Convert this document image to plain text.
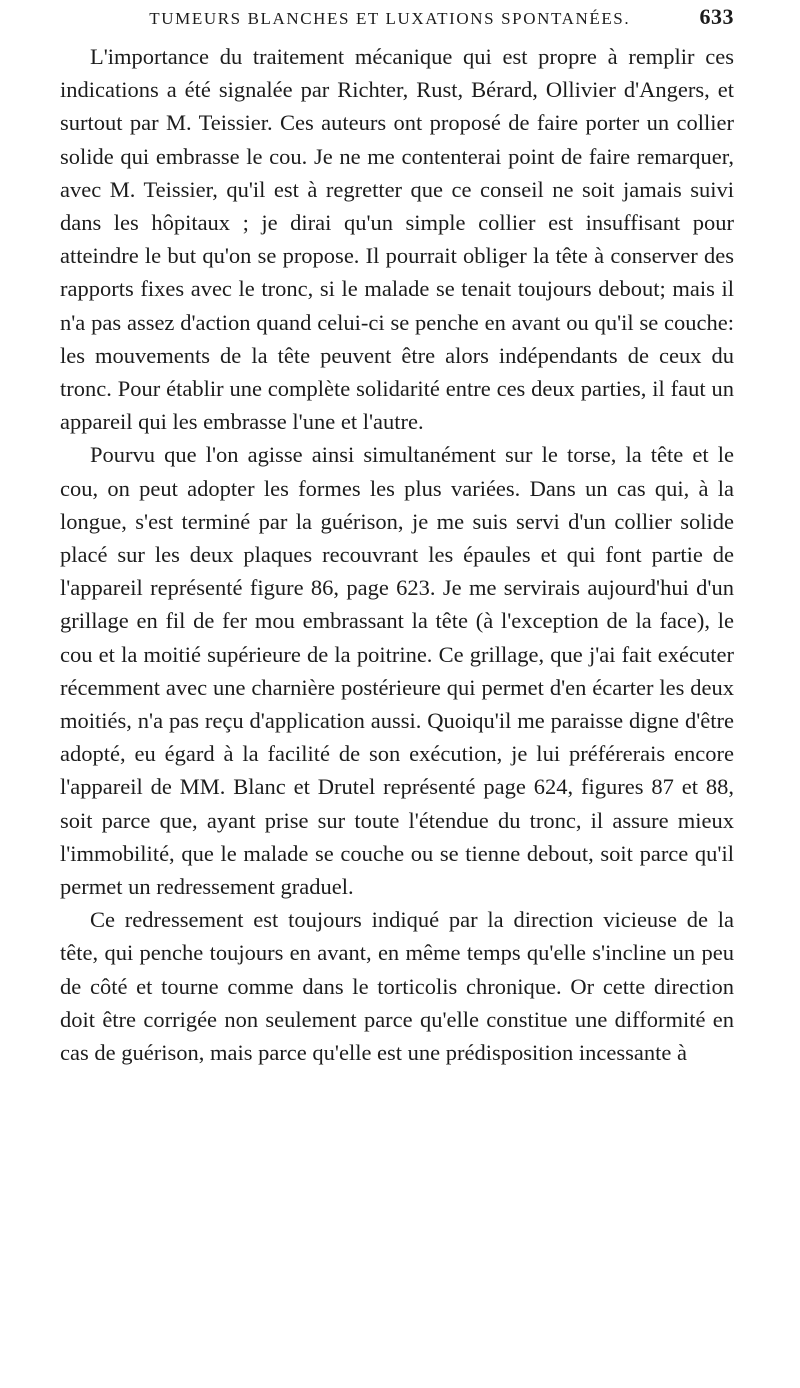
TUMEURS BLANCHES ET LUXATIONS SPONTANÉES.	633

L'importance du traitement mécanique qui est propre à remplir ces indications a été signalée par Richter, Rust, Bérard, Ollivier d'Angers, et surtout par M. Teissier. Ces auteurs ont proposé de faire porter un collier solide qui embrasse le cou. Je ne me contenterai point de faire remarquer, avec M. Teissier, qu'il est à regretter que ce conseil ne soit jamais suivi dans les hôpitaux ; je dirai qu'un simple collier est insuffisant pour atteindre le but qu'on se propose. Il pourrait obliger la tête à conserver des rapports fixes avec le tronc, si le malade se tenait toujours debout; mais il n'a pas assez d'action quand celui-ci se penche en avant ou qu'il se couche: les mouvements de la tête peuvent être alors indépendants de ceux du tronc. Pour établir une complète solidarité entre ces deux parties, il faut un appareil qui les embrasse l'une et l'autre.

Pourvu que l'on agisse ainsi simultanément sur le torse, la tête et le cou, on peut adopter les formes les plus variées. Dans un cas qui, à la longue, s'est terminé par la guérison, je me suis servi d'un collier solide placé sur les deux plaques recouvrant les épaules et qui font partie de l'appareil représenté figure 86, page 623. Je me servirais aujourd'hui d'un grillage en fil de fer mou embrassant la tête (à l'exception de la face), le cou et la moitié supérieure de la poitrine. Ce grillage, que j'ai fait exécuter récemment avec une charnière postérieure qui permet d'en écarter les deux moitiés, n'a pas reçu d'application aussi. Quoiqu'il me paraisse digne d'être adopté, eu égard à la facilité de son exécution, je lui préférerais encore l'appareil de MM. Blanc et Drutel représenté page 624, figures 87 et 88, soit parce que, ayant prise sur toute l'étendue du tronc, il assure mieux l'immobilité, que le malade se couche ou se tienne debout, soit parce qu'il permet un redressement graduel.

Ce redressement est toujours indiqué par la direction vicieuse de la tête, qui penche toujours en avant, en même temps qu'elle s'incline un peu de côté et tourne comme dans le torticolis chronique. Or cette direction doit être corrigée non seulement parce qu'elle constitue une difformité en cas de guérison, mais parce qu'elle est une prédisposition incessante à
